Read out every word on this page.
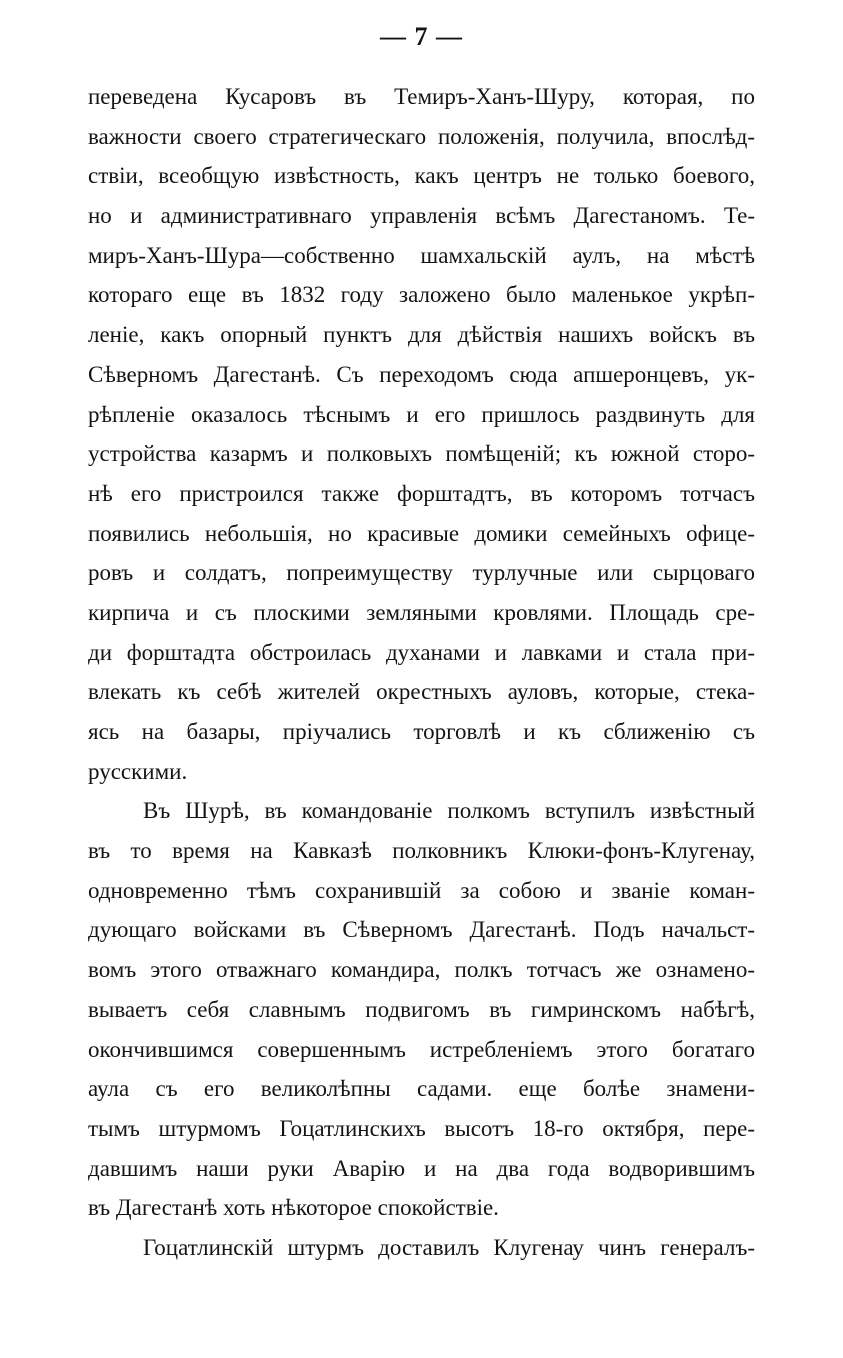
— 7 —
переведена Кусаровъ въ Темиръ-Ханъ-Шуру, которая, по
важности своего стратегическаго положенія, получила, впослѣд-
ствіи, всеобщую извѣстность, какъ центръ не только боевого,
но и административнаго управленія всѣмъ Дагестаномъ. Те-
миръ-Ханъ-Шура—собственно шамхальскій аулъ, на мѣстѣ
котораго еще въ 1832 году заложено было маленькое укрѣп-
леніе, какъ опорный пунктъ для дѣйствія нашихъ войскъ въ
Сѣверномъ Дагестанѣ. Съ переходомъ сюда апшеронцевъ, ук-
рѣпленіе оказалось тѣснымъ и его пришлось раздвинуть для
устройства казармъ и полковыхъ помѣщеній; къ южной сторо-
нѣ его пристроился также форштадтъ, въ которомъ тотчасъ
появились небольшія, но красивые домики семейныхъ офице-
ровъ и солдатъ, попреимуществу турлучные или сырцоваго
кирпича и съ плоскими земляными кровлями. Площадь сре-
ди форштадта обстроилась духанами и лавками и стала при-
влекать къ себѣ жителей окрестныхъ ауловъ, которые, стека-
ясь на базары, пріучались торговлѣ и къ сближенію съ
русскими.
Въ Шурѣ, въ командованіе полкомъ вступилъ извѣстный
въ то время на Кавказѣ полковникъ Клюки-фонъ-Клугенау,
одновременно тѣмъ сохранившій за собою и званіе коман-
дующаго войсками въ Сѣверномъ Дагестанѣ. Подъ начальст-
вомъ этого отважнаго командира, полкъ тотчасъ же ознамено-
вываетъ себя славнымъ подвигомъ въ гимринскомъ набѣгѣ,
окончившимся совершеннымъ истребленіемъ этого богатаго
аула съ его великолѣпны садами. еще болѣе знамени-
тымъ штурмомъ Гоцатлинскихъ высотъ 18-го октября, пере-
давшимъ наши руки Аварію и на два года водворившимъ
въ Дагестанѣ хоть нѣкоторое спокойствіе.
Гоцатлинскій штурмъ доставилъ Клугенау чинъ генералъ-
